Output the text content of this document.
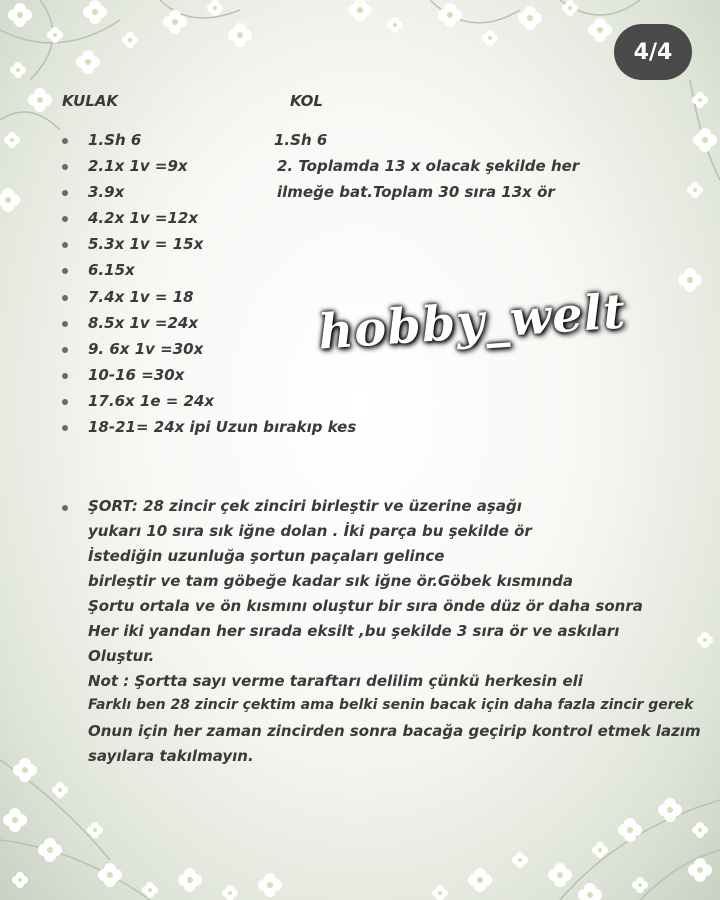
4/4
KULAK
1.Sh 6
2.1x 1v =9x
3.9x
4.2x 1v =12x
5.3x 1v = 15x
6.15x
7.4x 1v = 18
8.5x 1v =24x
9. 6x 1v =30x
10-16 =30x
17.6x 1e = 24x
18-21= 24x ipi Uzun bırakıp kes
KOL
1.Sh 6
2. Toplamda 13 x olacak şekilde her
ilmeğe bat.Toplam 30 sıra 13x ör
hobby_welt
ŞORT: 28 zincir çek zinciri birleştir ve üzerine aşağı
yukarı 10 sıra sık iğne dolan . İki parça bu şekilde ör
İstediğin uzunluğa şortun paçaları gelince
birleştir ve tam göbeğe kadar sık iğne ör.Göbek kısmında
Şortu ortala ve ön kısmını oluştur bir sıra önde düz ör daha sonra
Her iki yandan her sırada eksilt ,bu şekilde 3 sıra ör ve askıları
Oluştur.
Not : Şortta sayı verme taraftarı delilim çünkü herkesin eli
Farklı ben 28 zincir çektim ama belki senin bacak için daha fazla zincir gerek
Onun için her zaman zincirden sonra bacağa geçirip kontrol etmek lazım
sayılara takılmayın.
